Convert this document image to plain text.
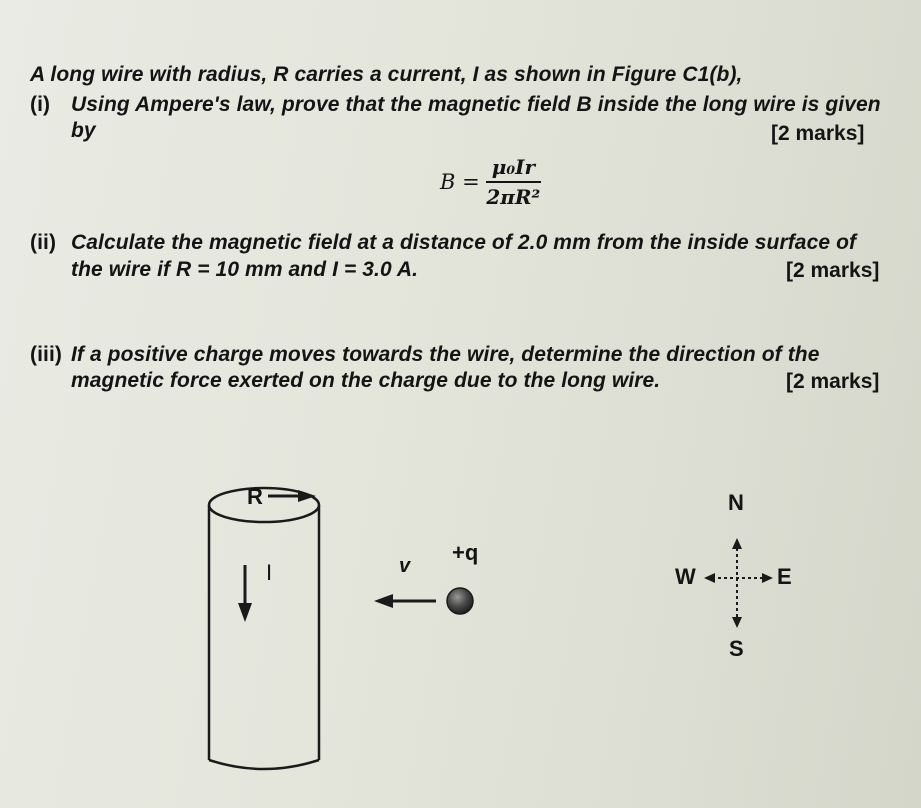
A long wire with radius, R carries a current, I as shown in Figure C1(b),
(i) Using Ampere's law, prove that the magnetic field B inside the long wire is given
by	[2 marks]
$B = \frac{\text{μ₀Ir}}{\text{2πR²}}$
(ii) Calculate the magnetic field at a distance of 2.0 mm from the inside surface of
the wire if R = 10 mm and I = 3.0 A.	[2 marks]
(iii) If a positive charge moves towards the wire, determine the direction of the
magnetic force exerted on the charge due to the long wire.	[2 marks]
R
I	v
+q
N
S
E
W
